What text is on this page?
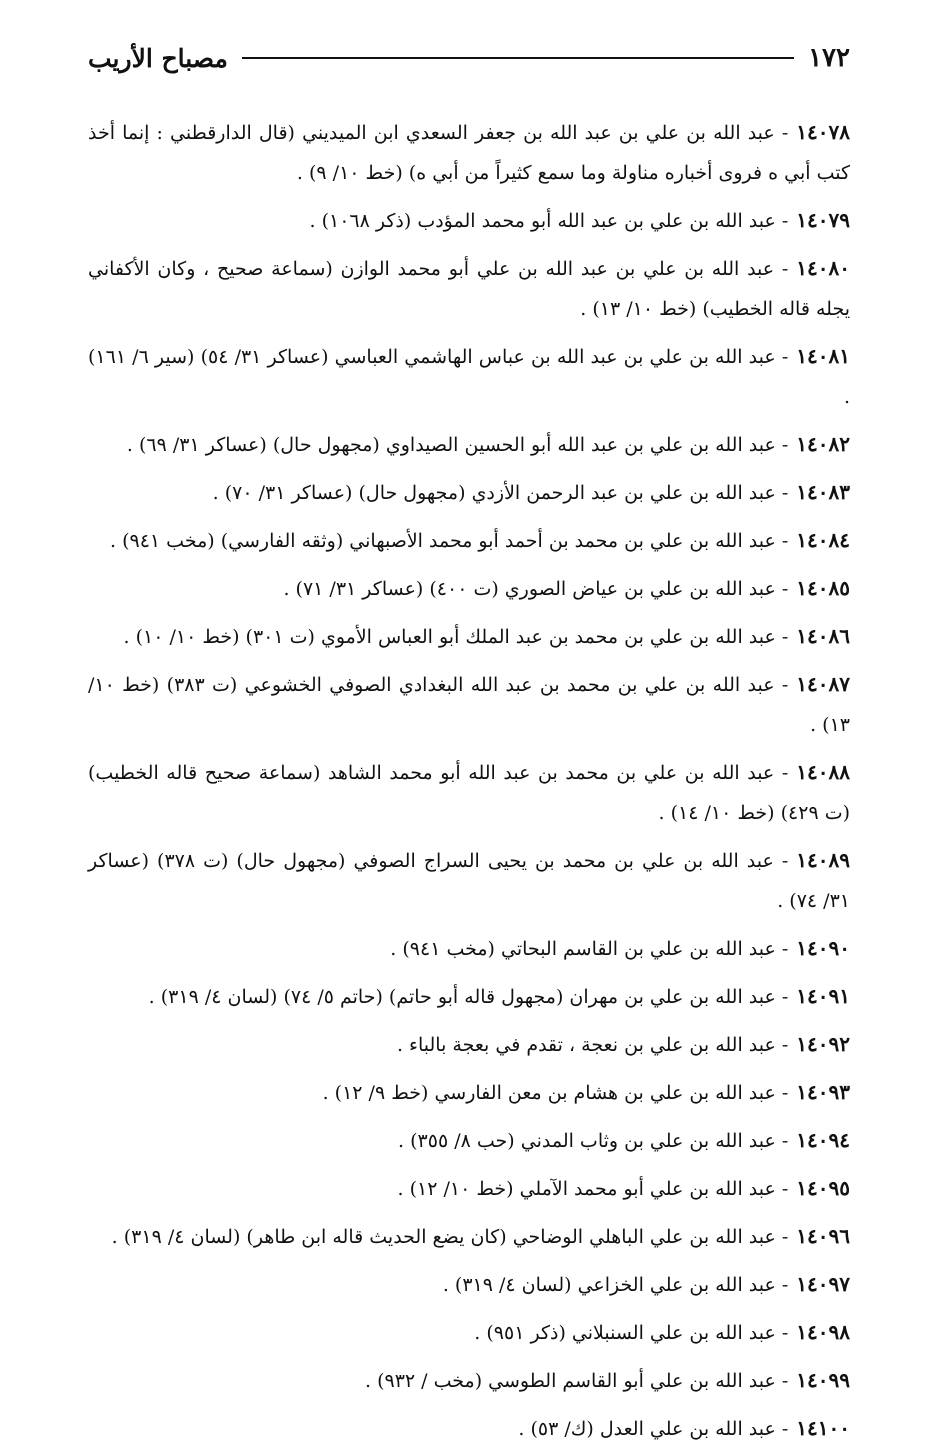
١٧٢
مصباح الأريب
١٤٠٧٨- عبد الله بن علي بن عبد الله بن جعفر السعدي ابن الميديني (قال الدارقطني : إنما أخذ كتب أبي ه فروى أخباره مناولة وما سمع كثيراً من أبي ه) (خط ١٠/ ٩) .
١٤٠٧٩- عبد الله بن علي بن عبد الله أبو محمد المؤدب (ذكر ١٠٦٨) .
١٤٠٨٠- عبد الله بن علي بن عبد الله بن علي أبو محمد الوازن (سماعة صحيح ، وكان الأكفاني يجله قاله الخطيب) (خط ١٠/ ١٣) .
١٤٠٨١- عبد الله بن علي بن عبد الله بن عباس الهاشمي العباسي (عساكر ٣١/ ٥٤) (سير ٦/ ١٦١) .
١٤٠٨٢- عبد الله بن علي بن عبد الله أبو الحسين الصيداوي (مجهول حال) (عساكر ٣١/ ٦٩) .
١٤٠٨٣- عبد الله بن علي بن عبد الرحمن الأزدي (مجهول حال) (عساكر ٣١/ ٧٠) .
١٤٠٨٤- عبد الله بن علي بن محمد بن أحمد أبو محمد الأصبهاني (وثقه الفارسي) (مخب ٩٤١) .
١٤٠٨٥- عبد الله بن علي بن عياض الصوري (ت ٤٠٠) (عساكر ٣١/ ٧١) .
١٤٠٨٦- عبد الله بن علي بن محمد بن عبد الملك أبو العباس الأموي (ت ٣٠١) (خط ١٠/ ١٠) .
١٤٠٨٧- عبد الله بن علي بن محمد بن عبد الله البغدادي الصوفي الخشوعي (ت ٣٨٣) (خط ١٠/ ١٣) .
١٤٠٨٨- عبد الله بن علي بن محمد بن عبد الله أبو محمد الشاهد (سماعة صحيح قاله الخطيب) (ت ٤٢٩) (خط ١٠/ ١٤) .
١٤٠٨٩- عبد الله بن علي بن محمد بن يحيى السراج الصوفي (مجهول حال) (ت ٣٧٨) (عساكر ٣١/ ٧٤) .
١٤٠٩٠- عبد الله بن علي بن القاسم البحاتي (مخب ٩٤١) .
١٤٠٩١- عبد الله بن علي بن مهران (مجهول قاله أبو حاتم) (حاتم ٥/ ٧٤) (لسان ٤/ ٣١٩) .
١٤٠٩٢- عبد الله بن علي بن نعجة ، تقدم في بعجة بالباء .
١٤٠٩٣- عبد الله بن علي بن هشام بن معن الفارسي (خط ٩/ ١٢) .
١٤٠٩٤- عبد الله بن علي بن وثاب المدني (حب ٨/ ٣٥٥) .
١٤٠٩٥- عبد الله بن علي أبو محمد الآملي (خط ١٠/ ١٢) .
١٤٠٩٦- عبد الله بن علي الباهلي الوضاحي (كان يضع الحديث قاله ابن طاهر) (لسان ٤/ ٣١٩) .
١٤٠٩٧- عبد الله بن علي الخزاعي (لسان ٤/ ٣١٩) .
١٤٠٩٨- عبد الله بن علي السنبلاني (ذكر ٩٥١) .
١٤٠٩٩- عبد الله بن علي أبو القاسم الطوسي (مخب / ٩٣٢) .
١٤١٠٠- عبد الله بن علي العدل (ك/ ٥٣) .
